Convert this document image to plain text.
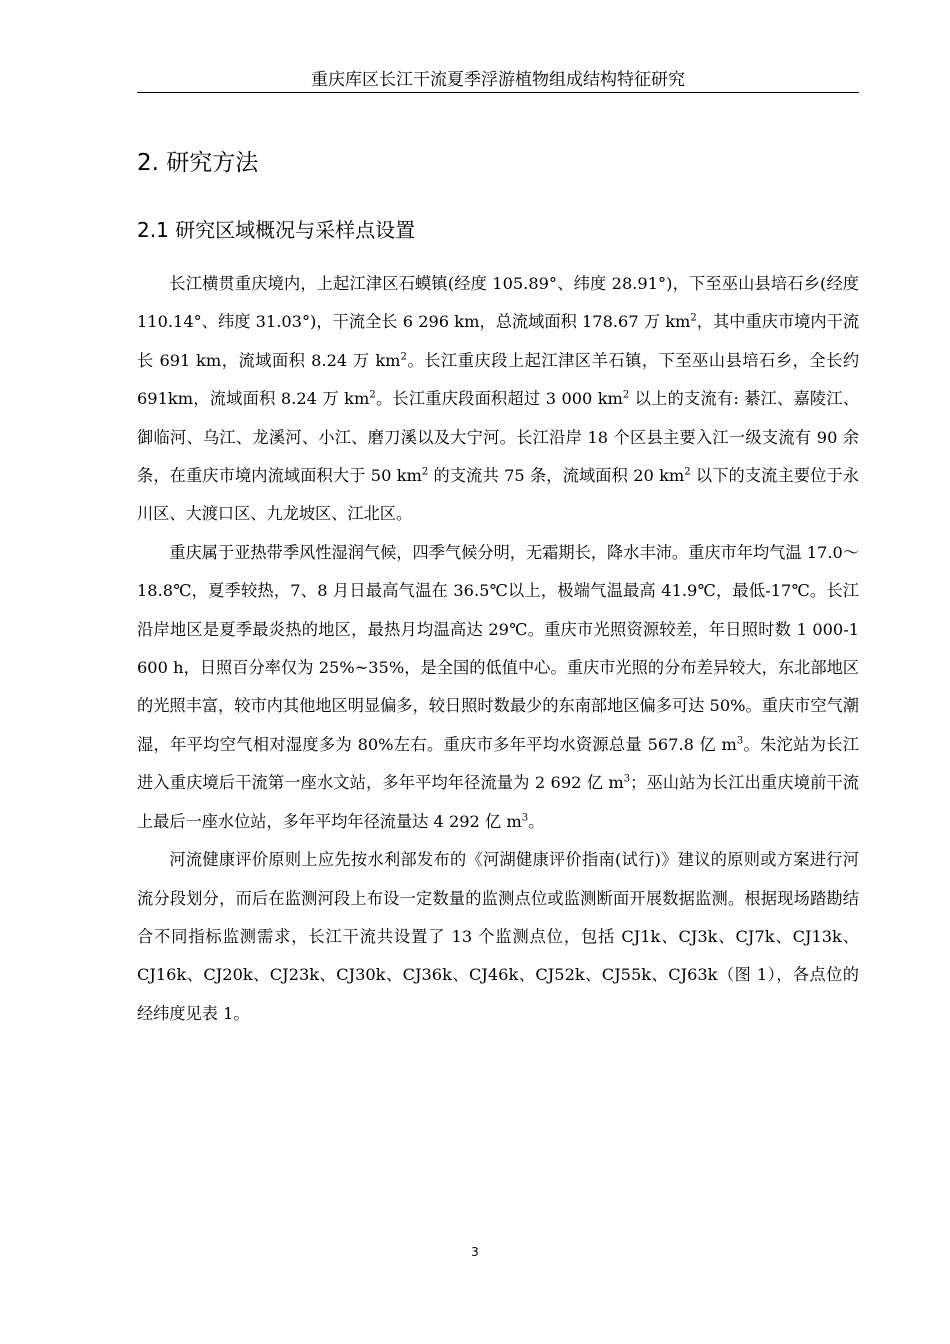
重庆库区长江干流夏季浮游植物组成结构特征研究
2. 研究方法
2.1 研究区域概况与采样点设置

长江横贯重庆境内，上起江津区石蟆镇(经度 105.89°、纬度 28.91°)，下至巫山县培石乡(经度 110.14°、纬度 31.03°)，干流全长 6 296 km，总流域面积 178.67 万 $km^2$，其中重庆市境内干流长 691 km，流域面积 8.24 万 $km^2$。长江重庆段上起江津区羊石镇，下至巫山县培石乡，全长约 691km，流域面积 8.24 万 $km^2$。长江重庆段面积超过 3 000 $km^2$ 以上的支流有: 綦江、嘉陵江、御临河、乌江、龙溪河、小江、磨刀溪以及大宁河。长江沿岸 18 个区县主要入江一级支流有 90 余条，在重庆市境内流域面积大于 50 $km^2$ 的支流共 75 条，流域面积 20 $km^2$ 以下的支流主要位于永川区、大渡口区、九龙坡区、江北区。

重庆属于亚热带季风性湿润气候，四季气候分明，无霜期长，降水丰沛。重庆市年均气温 17.0～18.8℃，夏季较热，7、8 月日最高气温在 36.5℃以上，极端气温最高 41.9℃，最低-17℃。长江沿岸地区是夏季最炎热的地区，最热月均温高达 29℃。重庆市光照资源较差，年日照时数 1 000-1 600 h，日照百分率仅为 25%~35%，是全国的低值中心。重庆市光照的分布差异较大，东北部地区的光照丰富，较市内其他地区明显偏多，较日照时数最少的东南部地区偏多可达 50%。重庆市空气潮湿，年平均空气相对湿度多为 80%左右。重庆市多年平均水资源总量 567.8 亿 $m^3$。朱沱站为长江进入重庆境后干流第一座水文站，多年平均年径流量为 2 692 亿 $m^3$；巫山站为长江出重庆境前干流上最后一座水位站，多年平均年径流量达 4 292 亿 $m^3$。

河流健康评价原则上应先按水利部发布的《河湖健康评价指南(试行)》建议的原则或方案进行河流分段划分，而后在监测河段上布设一定数量的监测点位或监测断面开展数据监测。根据现场踏勘结合不同指标监测需求，长江干流共设置了 13 个监测点位，包括 CJ1k、CJ3k、CJ7k、CJ13k、CJ16k、CJ20k、CJ23k、CJ30k、CJ36k、CJ46k、CJ52k、CJ55k、CJ63k（图 1），各点位的经纬度见表 1。

3
